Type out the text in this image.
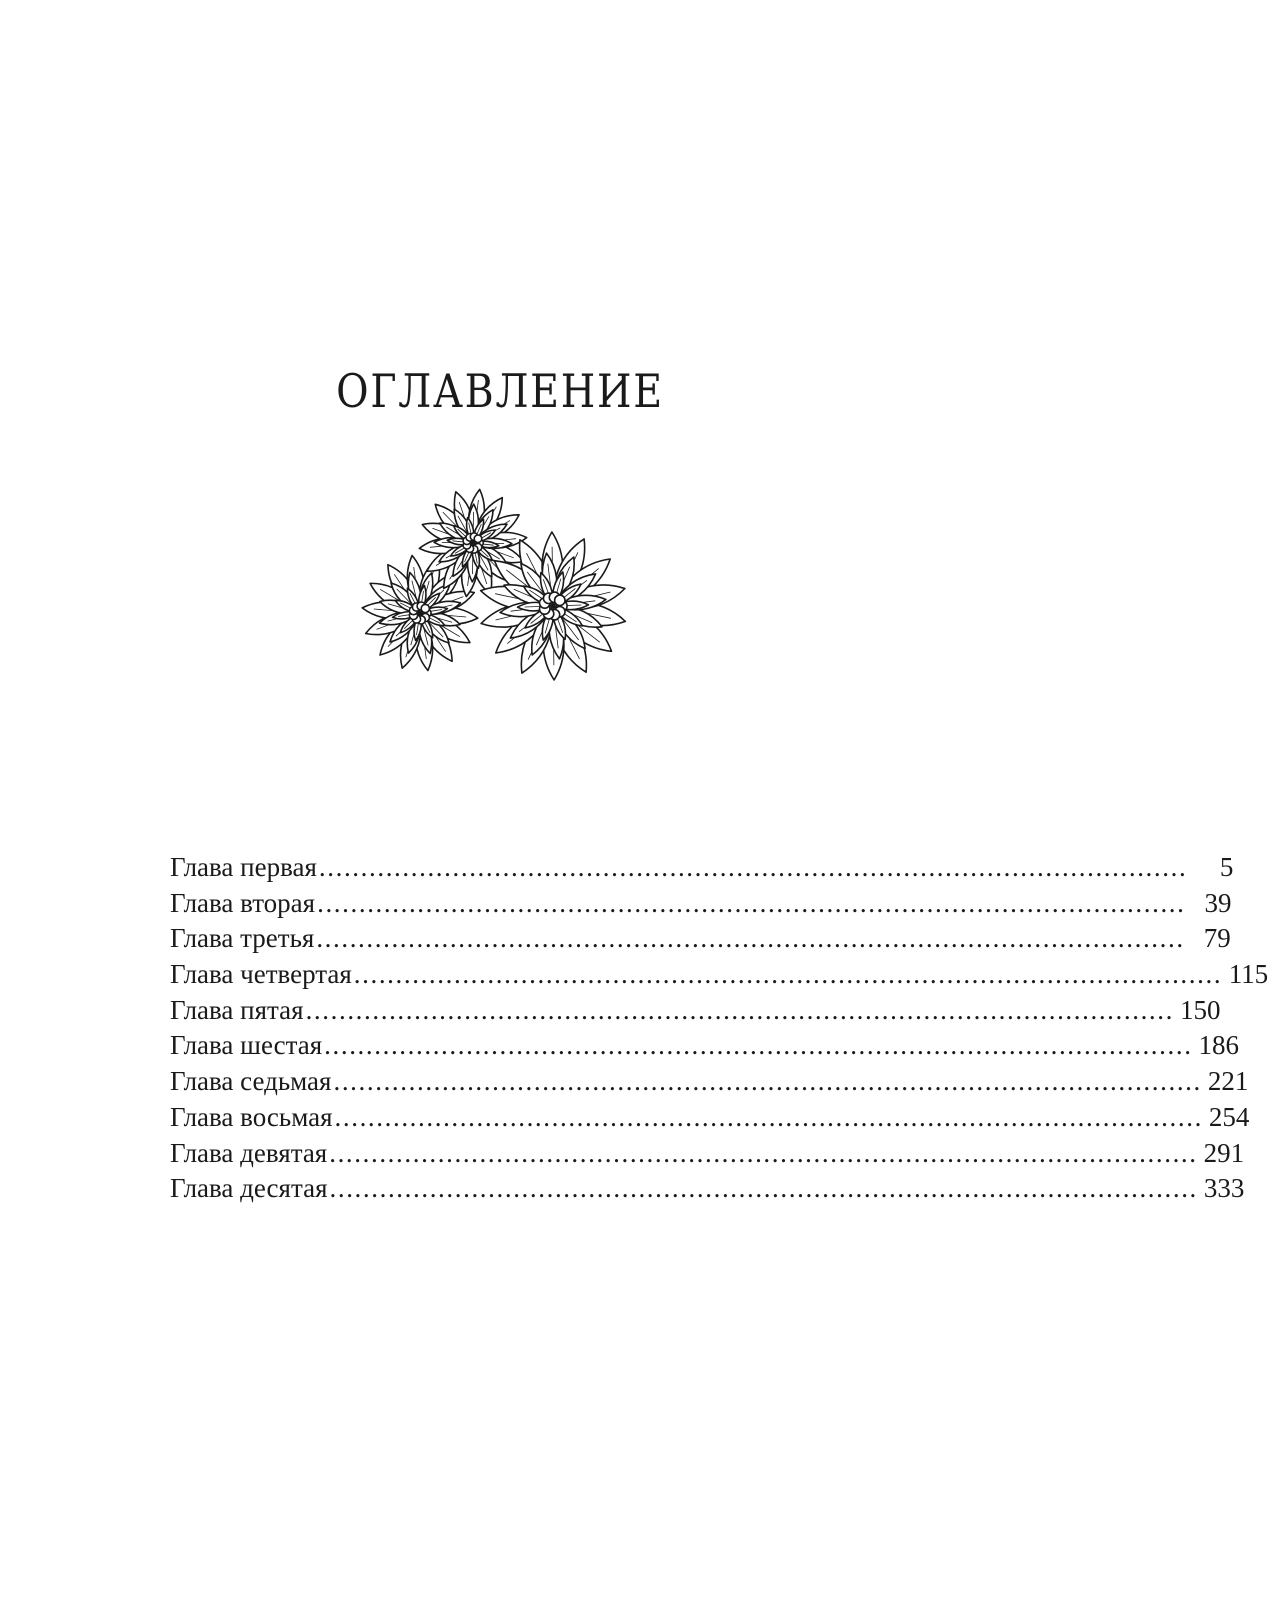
ОГЛАВЛЕНИЕ
Глава первая ........................................................................................................	5
Глава вторая ........................................................................................................ 39
Глава третья ........................................................................................................ 79
Глава четвертая ........................................................................................................ 115
Глава пятая ........................................................................................................ 150
Глава шестая ........................................................................................................ 186
Глава седьмая ........................................................................................................ 221
Глава восьмая ........................................................................................................ 254
Глава девятая ........................................................................................................ 291
Глава десятая ........................................................................................................ 333
